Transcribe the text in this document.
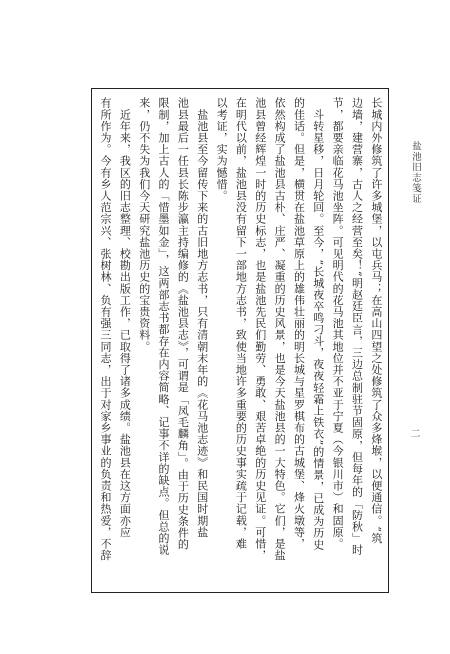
盐池旧志笺证
二
长城内外修筑了许多城堡，以屯兵马；在高山四望之处修筑了众多烽堠，以便通信。“筑
边墙，建营寨，古人之经营至矣！”明赵廷臣言，三边总制驻节固原，但每年的「防秋」时
节，都要亲临花马池坐阵。可见明代的花马池其地位并不亚于宁夏（今银川市）和固原。
　斗转星移，日月轮回。至今，“长城夜卒鸣刁斗，夜夜轻霜上铁衣”的情景，已成为历史
的佳话。但是，横贯在盐池草原上的雄伟壮丽的明长城与星罗棋布的古城堡、烽火墩等，
依然构成了盐池县古朴、庄严、凝重的历史风景，也是今天盐池县的一大特色。它们，是盐
池县曾经辉煌一时的历史标志，也是盐池先民们勤劳、勇敢、艰苦卓绝的历史见证。可惜，
在明代以前，盐池县没有留下一部地方志书，致使当地许多重要的历史事实疏于记载，难
以考证，实为憾惜。
　盐池县至今留传下来的古旧地方志书，只有清朝末年的《花马池志迹》和民国时期盐
池县最后一任县长陈步瀛主持编修的《盐池县志》，可谓是「凤毛麟角」。由于历史条件的
限制，加上古人的「惜墨如金」，这两部志书都存在内容简略、记事不详的缺点。但总的说
来，仍不失为我们今天研究盐池历史的宝贵资料。
　近年来，我区的旧志整理、校勘出版工作，已取得了诸多成绩。盐池县在这方面亦应
有所作为。今有乡人范宗兴、张树林、负有强三同志，出于对家乡事业的负责和热爱，不辞
